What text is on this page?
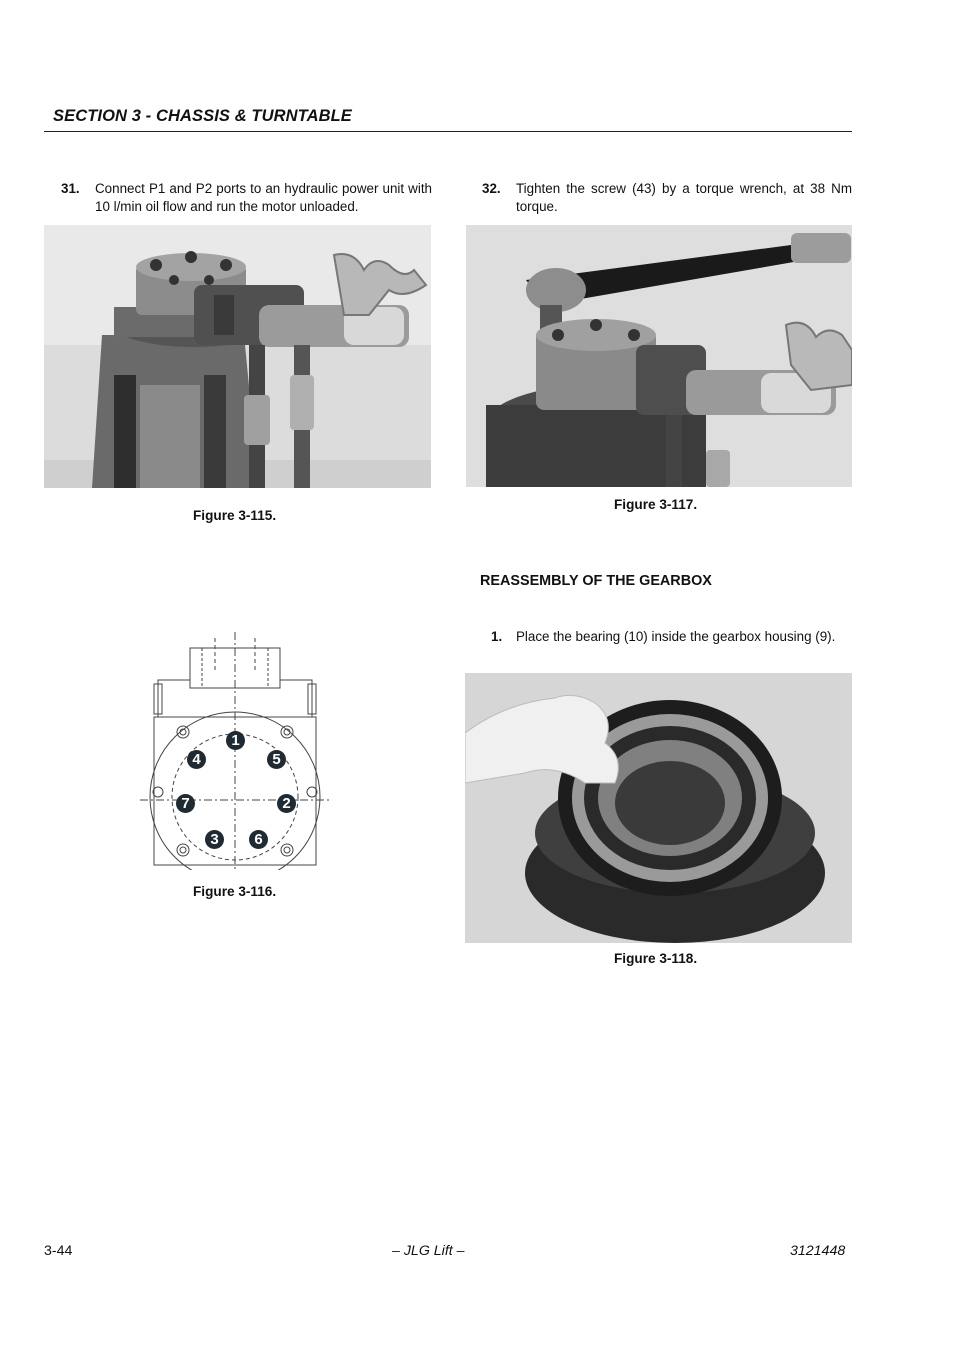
SECTION 3 - CHASSIS & TURNTABLE
31. Connect P1 and P2 ports to an hydraulic power unit with 10 l/min oil flow and run the motor unloaded.
Figure 3-115.
1
2
3
4	5
6
7
Figure 3-116.
32. Tighten the screw (43) by a torque wrench, at 38 Nm torque.
Figure 3-117.
REASSEMBLY OF THE GEARBOX
1. Place the bearing (10) inside the gearbox housing (9).
Figure 3-118.
3-44	– JLG Lift –	3121448
